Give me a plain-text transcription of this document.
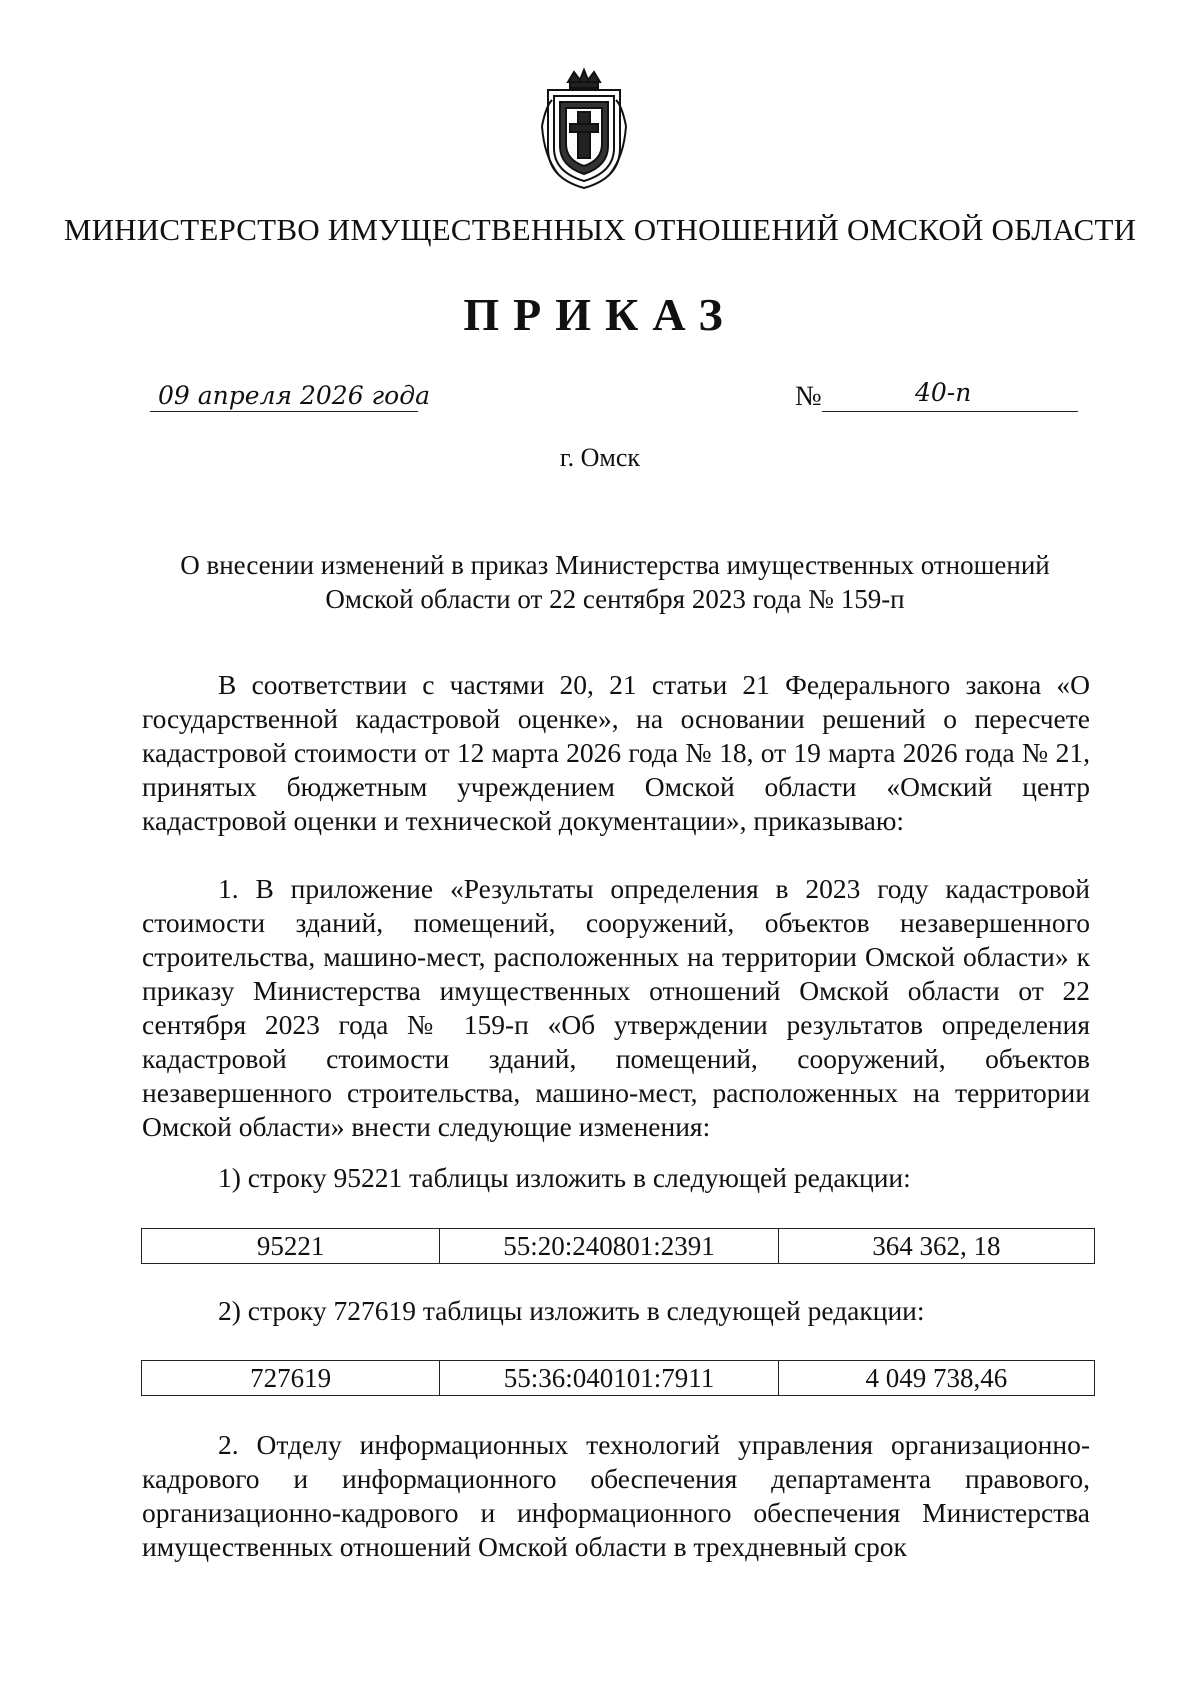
МИНИСТЕРСТВО ИМУЩЕСТВЕННЫХ ОТНОШЕНИЙ ОМСКОЙ ОБЛАСТИ
ПРИКАЗ
09 апреля 2026 года	№	40-п
г. Омск
О внесении изменений в приказ Министерства имущественных отношений
Омской области от 22 сентября 2023 года № 159-п

В соответствии с частями 20, 21 статьи 21 Федерального закона «О государственной кадастровой оценке», на основании решений о пересчете кадастровой стоимости от 12 марта 2026 года № 18, от 19 марта 2026 года № 21, принятых бюджетным учреждением Омской области «Омский центр кадастровой оценки и технической документации», приказываю:

1. В приложение «Результаты определения в 2023 году кадастровой стоимости зданий, помещений, сооружений, объектов незавершенного строительства, машино-мест, расположенных на территории Омской области» к приказу Министерства имущественных отношений Омской области от 22 сентября 2023 года № 159-п «Об утверждении результатов определения кадастровой стоимости зданий, помещений, сооружений, объектов незавершенного строительства, машино-мест, расположенных на территории Омской области» внести следующие изменения:

1) строку 95221 таблицы изложить в следующей редакции:
95221	55:20:240801:2391	364 362, 18
2) строку 727619 таблицы изложить в следующей редакции:
727619	55:36:040101:7911	4 049 738,46

2. Отделу информационных технологий управления организационно-кадрового и информационного обеспечения департамента правового, организационно-кадрового и информационного обеспечения Министерства имущественных отношений Омской области в трехдневный срок
